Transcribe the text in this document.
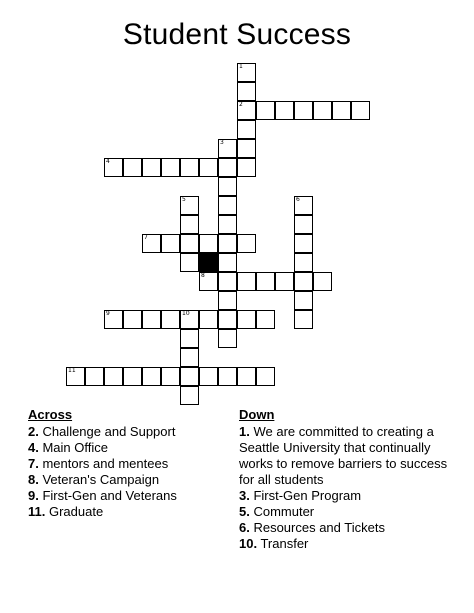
Student Success
1
2
3
4
5	6
7
8
9	10
11
Across
2. Challenge and Support
4. Main Office
7. mentors and mentees
8. Veteran's Campaign
9. First-Gen and Veterans
11. Graduate
Down
1. We are committed to creating a Seattle University that continually works to remove barriers to success for all students
3. First-Gen Program
5. Commuter
6. Resources and Tickets
10. Transfer
